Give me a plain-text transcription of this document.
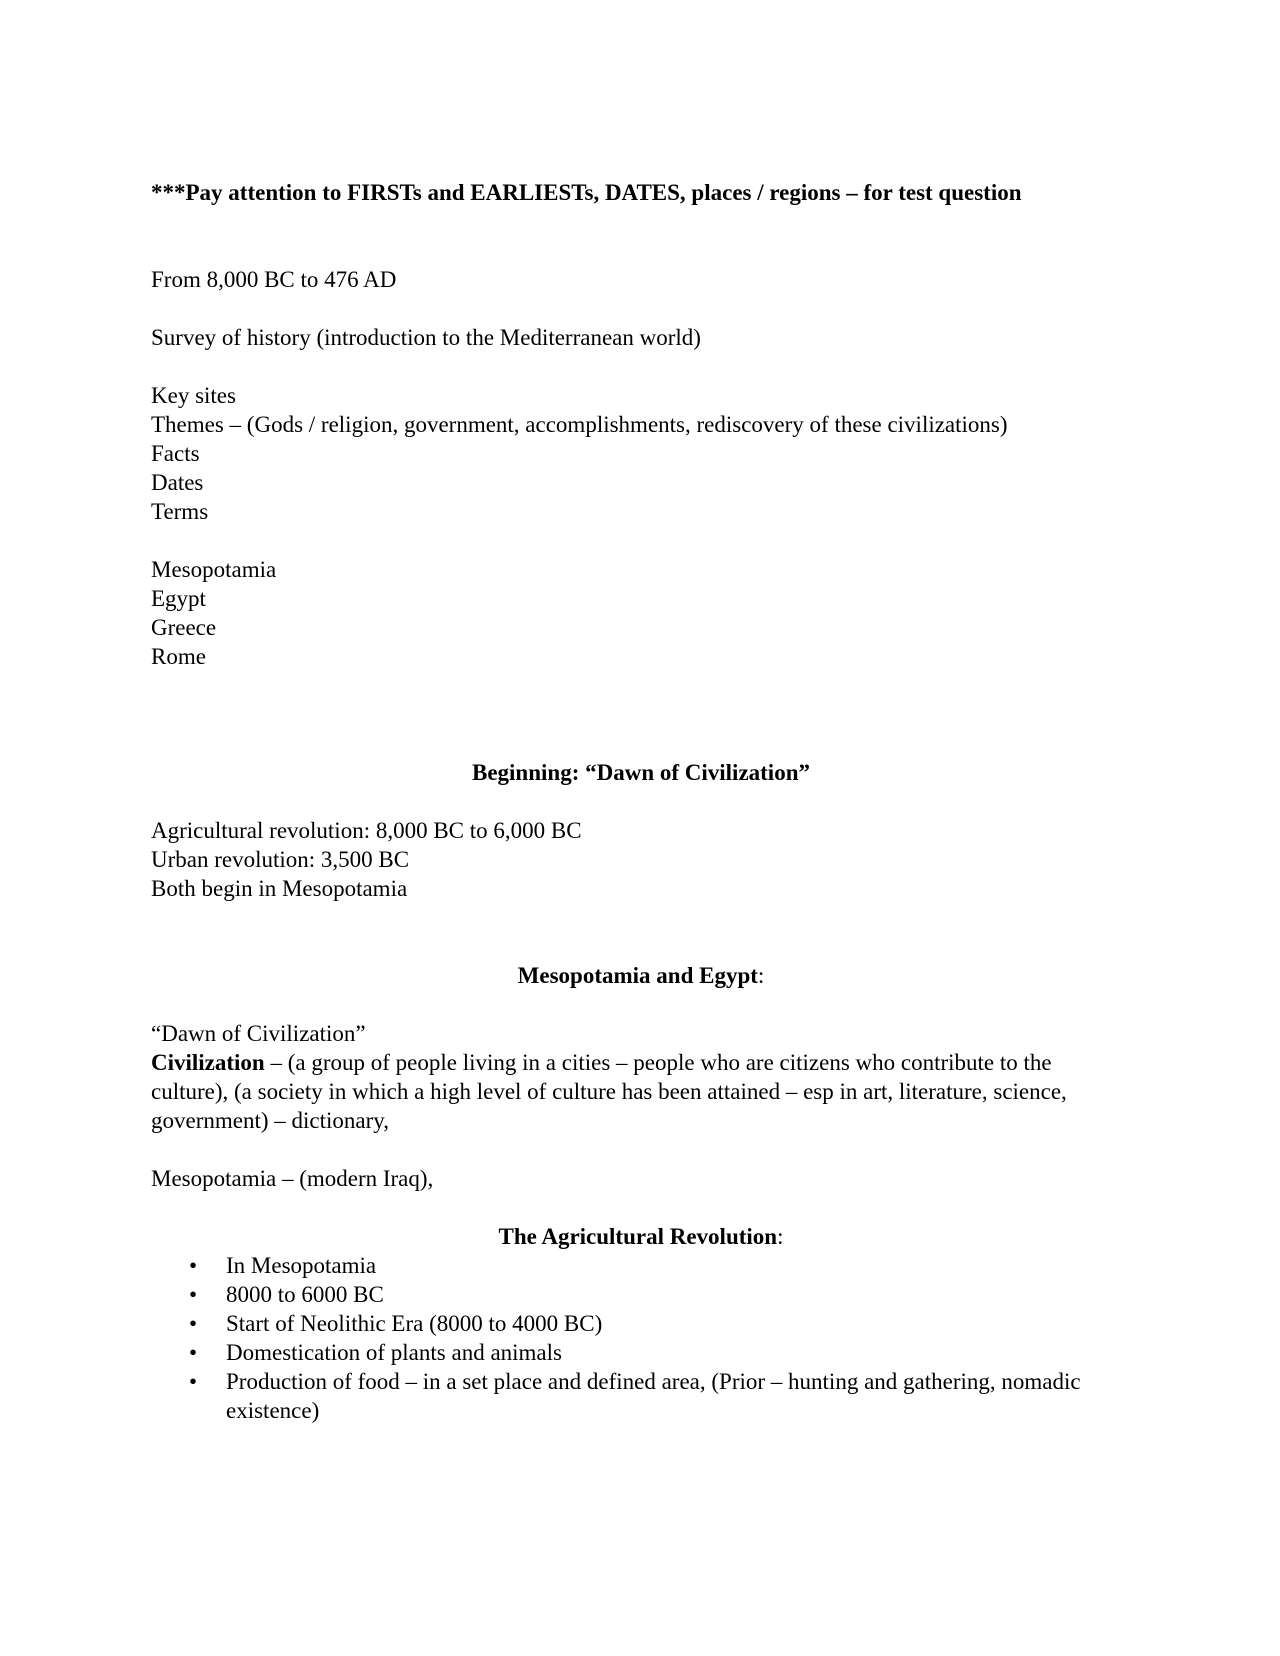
***Pay attention to FIRSTs and EARLIESTs, DATES, places / regions – for test question

From 8,000 BC to 476 AD

Survey of history (introduction to the Mediterranean world)

Key sites

Themes – (Gods / religion, government, accomplishments, rediscovery of these civilizations)

Facts

Dates

Terms

Mesopotamia

Egypt

Greece

Rome

Beginning: “Dawn of Civilization”

Agricultural revolution: 8,000 BC to 6,000 BC

Urban revolution: 3,500 BC

Both begin in Mesopotamia

Mesopotamia and Egypt:

“Dawn of Civilization”

Civilization – (a group of people living in a cities – people who are citizens who contribute to the culture), (a society in which a high level of culture has been attained – esp in art, literature, science, government) – dictionary,

Mesopotamia – (modern Iraq),

The Agricultural Revolution:

• In Mesopotamia
• 8000 to 6000 BC
• Start of Neolithic Era (8000 to 4000 BC)
• Domestication of plants and animals
• Production of food – in a set place and defined area, (Prior – hunting and gathering, nomadic existence)
